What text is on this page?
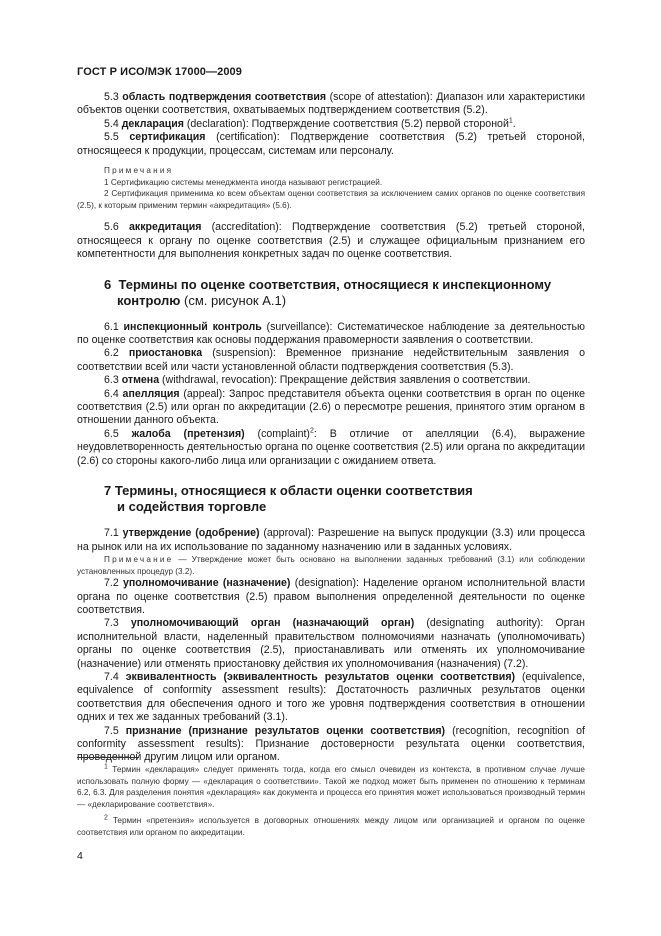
ГОСТ Р ИСО/МЭК 17000—2009

5.3 область подтверждения соответствия (scope of attestation): Диапазон или характеристики объектов оценки соответствия, охватываемых подтверждением соответствия (5.2).

5.4 декларация (declaration): Подтверждение соответствия (5.2) первой стороной$^1$.

5.5 сертификация (certification): Подтверждение соответствия (5.2) третьей стороной, относящееся к продукции, процессам, системам или персоналу.

Примечания

1 Сертификацию системы менеджмента иногда называют регистрацией.

2 Сертификация применима ко всем объектам оценки соответствия за исключением самих органов по оценке соответствия (2.5), к которым применим термин «аккредитация» (5.6).

5.6 аккредитация (accreditation): Подтверждение соответствия (5.2) третьей стороной, относящееся к органу по оценке соответствия (2.5) и служащее официальным признанием его компетентности для выполнения конкретных задач по оценке соответствия.

6 Термины по оценке соответствия, относящиеся к инспекционному
контролю (см. рисунок А.1)

6.1 инспекционный контроль (surveillance): Систематическое наблюдение за деятельностью по оценке соответствия как основы поддержания правомерности заявления о соответствии.

6.2 приостановка (suspension): Временное признание недействительным заявления о соответствии всей или части установленной области подтверждения соответствия (5.3).

6.3 отмена (withdrawal, revocation): Прекращение действия заявления о соответствии.

6.4 апелляция (appeal): Запрос представителя объекта оценки соответствия в орган по оценке соответствия (2.5) или орган по аккредитации (2.6) о пересмотре решения, принятого этим органом в отношении данного объекта.

6.5 жалоба (претензия) (complaint)$^2$: В отличие от апелляции (6.4), выражение неудовлетворенность деятельностью органа по оценке соответствия (2.5) или органа по аккредитации (2.6) со стороны какого-либо лица или организации с ожиданием ответа.

7 Термины, относящиеся к области оценки соответствия
и содействия торговле

7.1 утверждение (одобрение) (approval): Разрешение на выпуск продукции (3.3) или процесса на рынок или на их использование по заданному назначению или в заданных условиях.

Примечание — Утверждение может быть основано на выполнении заданных требований (3.1) или соблюдении установленных процедур (3.2).

7.2 уполномочивание (назначение) (designation): Наделение органом исполнительной власти органа по оценке соответствия (2.5) правом выполнения определенной деятельности по оценке соответствия.

7.3 уполномочивающий орган (назначающий орган) (designating authority): Орган исполнительной власти, наделенный правительством полномочиями назначать (уполномочивать) органы по оценке соответствия (2.5), приостанавливать или отменять их уполномочивание (назначение) или отменять приостановку действия их уполномочивания (назначения) (7.2).

7.4 эквивалентность (эквивалентность результатов оценки соответствия) (equivalence, equivalence of conformity assessment results): Достаточность различных результатов оценки соответствия для обеспечения одного и того же уровня подтверждения соответствия в отношении одних и тех же заданных требований (3.1).

7.5 признание (признание результатов оценки соответствия) (recognition, recognition of conformity assessment results): Признание достоверности результата оценки соответствия, проведенной другим лицом или органом.

$^1$ Термин «декларация» следует применять тогда, когда его смысл очевиден из контекста, в противном случае лучше использовать полную форму — «декларация о соответствии». Такой же подход может быть применен по отношению к терминам 6.2, 6.3. Для разделения понятия «декларация» как документа и процесса его принятия может использоваться производный термин — «декларирование соответствия».

$^2$ Термин «претензия» используется в договорных отношениях между лицом или организацией и органом по оценке соответствия или органом по аккредитации.

4
